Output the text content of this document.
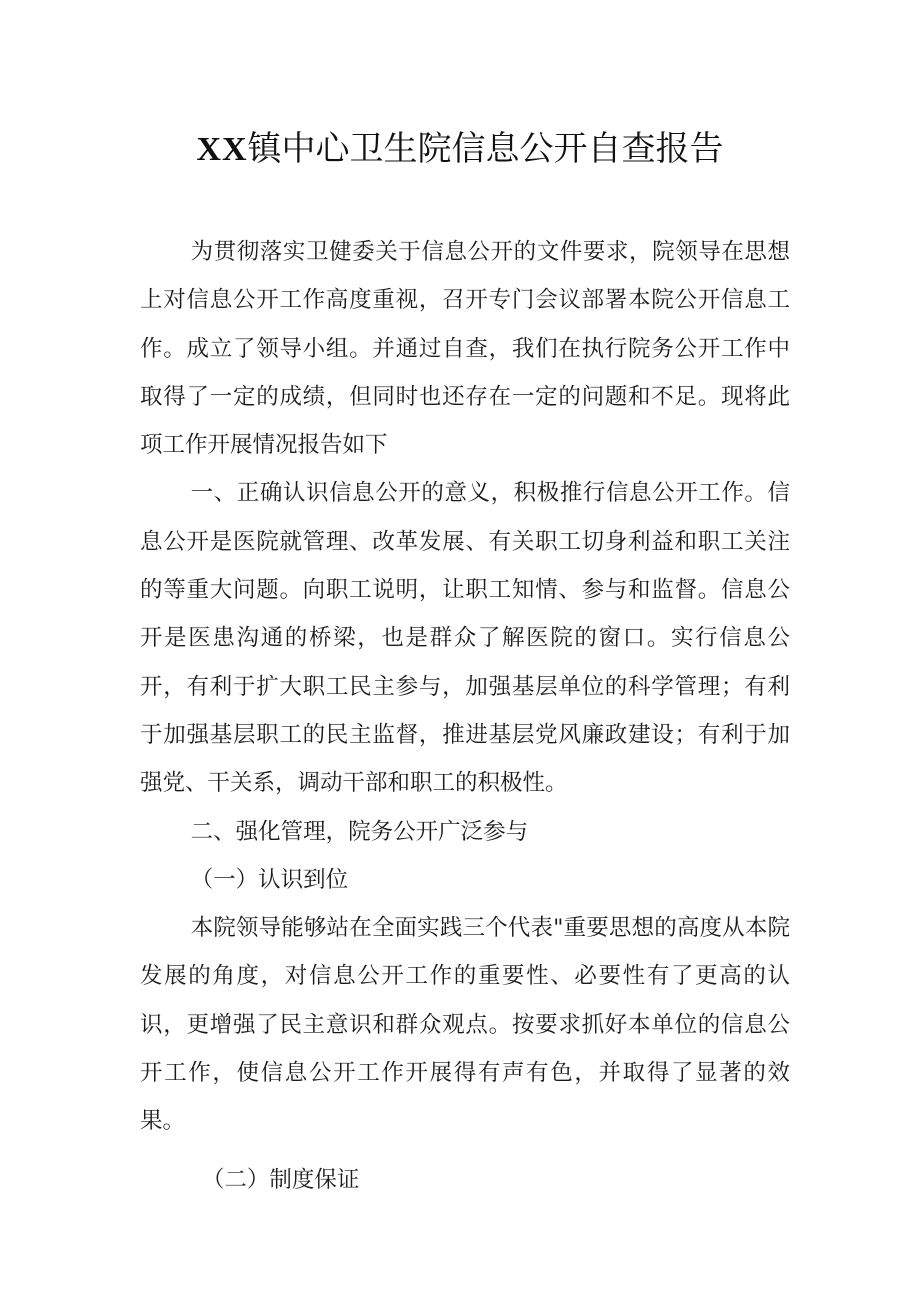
XX镇中心卫生院信息公开自查报告

为贯彻落实卫健委关于信息公开的文件要求，院领导在思想上对信息公开工作高度重视，召开专门会议部署本院公开信息工作。成立了领导小组。并通过自查，我们在执行院务公开工作中取得了一定的成绩，但同时也还存在一定的问题和不足。现将此项工作开展情况报告如下

一、正确认识信息公开的意义，积极推行信息公开工作。信息公开是医院就管理、改革发展、有关职工切身利益和职工关注的等重大问题。向职工说明，让职工知情、参与和监督。信息公开是医患沟通的桥梁，也是群众了解医院的窗口。实行信息公开，有利于扩大职工民主参与，加强基层单位的科学管理；有利于加强基层职工的民主监督，推进基层党风廉政建设；有利于加强党、干关系，调动干部和职工的积极性。

二、强化管理，院务公开广泛参与

（一）认识到位

本院领导能够站在全面实践三个代表"重要思想的高度从本院发展的角度，对信息公开工作的重要性、必要性有了更高的认识，更增强了民主意识和群众观点。按要求抓好本单位的信息公开工作，使信息公开工作开展得有声有色，并取得了显著的效果。

（二）制度保证
